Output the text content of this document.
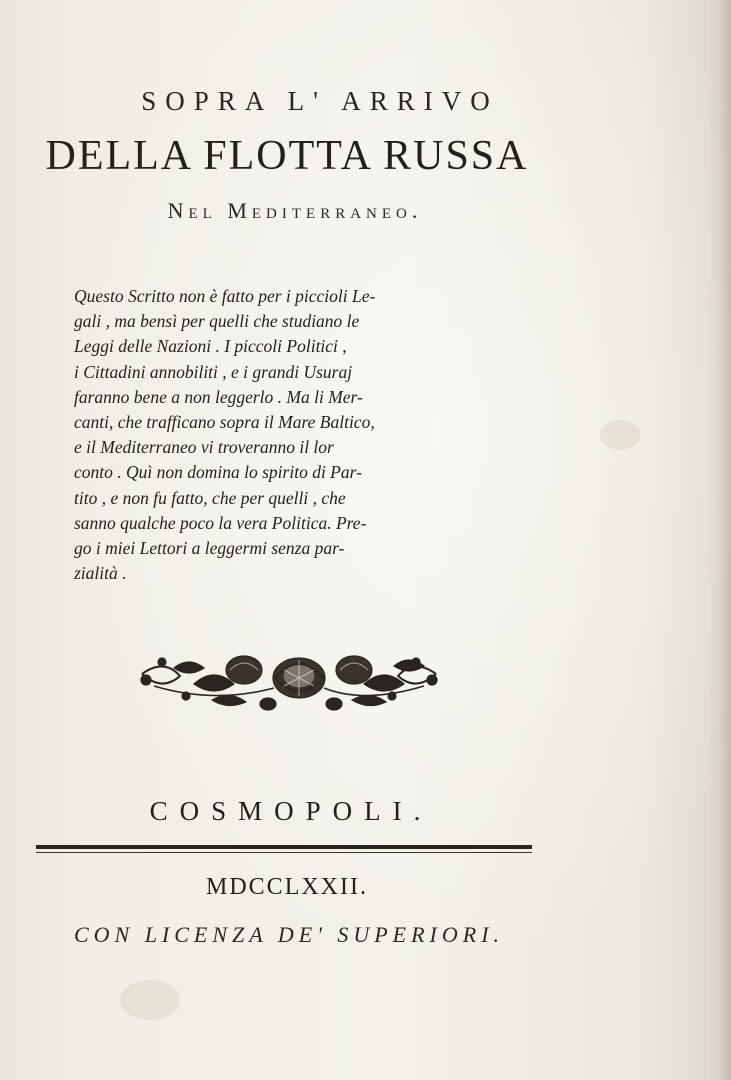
SOPRA L' ARRIVO
DELLA FLOTTA RUSSA
Nel Mediterraneo.
Questo Scritto non è fatto per i piccioli Le-
gali , ma bensì per quelli che studiano le
Leggi delle Nazioni . I piccoli Politici ,
i Cittadini annobiliti , e i grandi Usuraj
faranno bene a non leggerlo . Ma li Mer-
canti, che trafficano sopra il Mare Baltico,
e il Mediterraneo vi troveranno il lor
conto . Quì non domina lo spirito di Par-
tito , e non fu fatto, che per quelli , che
sanno qualche poco la vera Politica. Pre-
go i miei Lettori a leggermi senza par-
zialità .
COSMOPOLI.
MDCCLXXII.
CON LICENZA DE' SUPERIORI.
